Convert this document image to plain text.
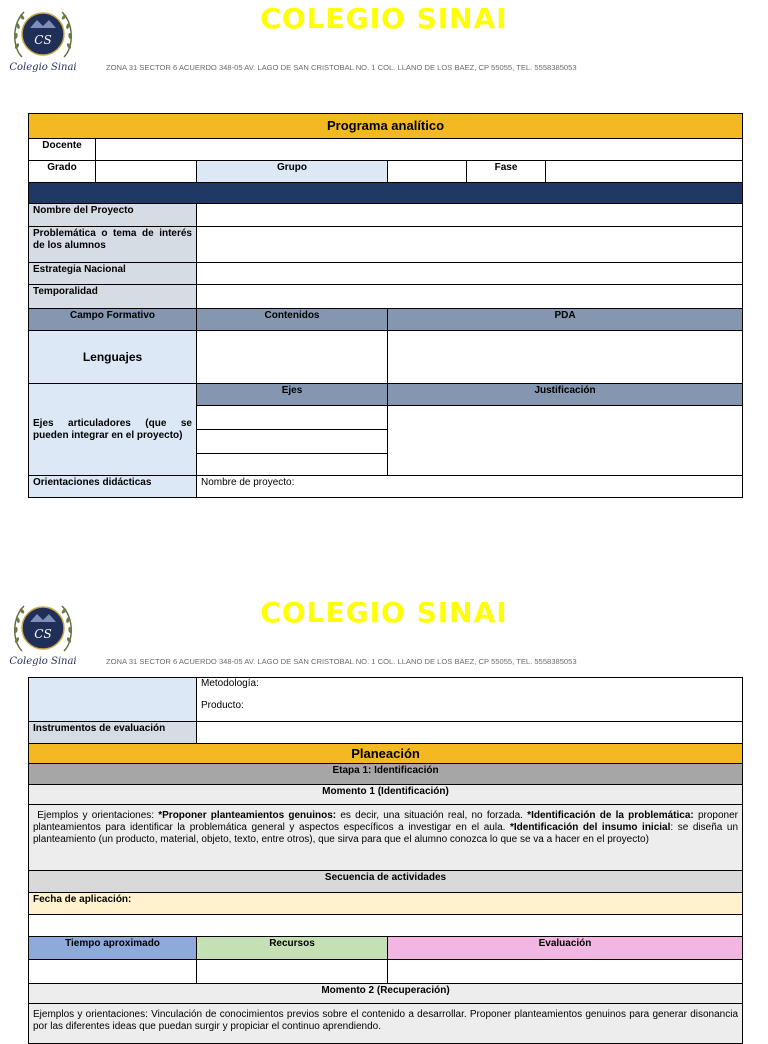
CS
Colegio Sinai
COLEGIO SINAI
ZONA 31 SECTOR 6 ACUERDO 348-05 AV. LAGO DE SAN CRISTOBAL NO. 1 COL. LLANO DE LOS BAEZ, CP 55055, TEL. 5558385053
Programa analítico					
Docente					
Grado		Grupo		Fase	

Nombre del Proyecto					
Problemática o tema de interés de los alumnos					
Estrategia Nacional					
Temporalidad					
Campo Formativo		Contenidos	PDA		
Lenguajes					
Ejes articuladores (que se pueden integrar en el proyecto)		Ejes	Justificación		

Orientaciones didácticas		Nombre de proyecto:			
CS
Colegio Sinai
COLEGIO SINAI
ZONA 31 SECTOR 6 ACUERDO 348-05 AV. LAGO DE SAN CRISTOBAL NO. 1 COL. LLANO DE LOS BAEZ, CP 55055, TEL. 5558385053

	Metodología:
Producto:	

Instrumentos de evaluación		
Planeación		
Etapa 1: Identificación		
Momento 1 (Identificación)		
Ejemplos y orientaciones: *Proponer planteamientos genuinos: es decir, una situación real, no forzada. *Identificación de la problemática: proponer planteamientos para identificar la problemática general y aspectos específicos a investigar en el aula. *Identificación del insumo inicial: se diseña un planteamiento (un producto, material, objeto, texto, entre otros), que sirva para que el alumno conozca lo que se va a hacer en el proyecto)		
Secuencia de actividades		
Fecha de aplicación:		

Tiempo aproximado	Recursos	Evaluación

Momento 2 (Recuperación)		
Ejemplos y orientaciones: Vinculación de conocimientos previos sobre el contenido a desarrollar. Proponer planteamientos genuinos para generar disonancia por las diferentes ideas que puedan surgir y propiciar el continuo aprendiendo.		
